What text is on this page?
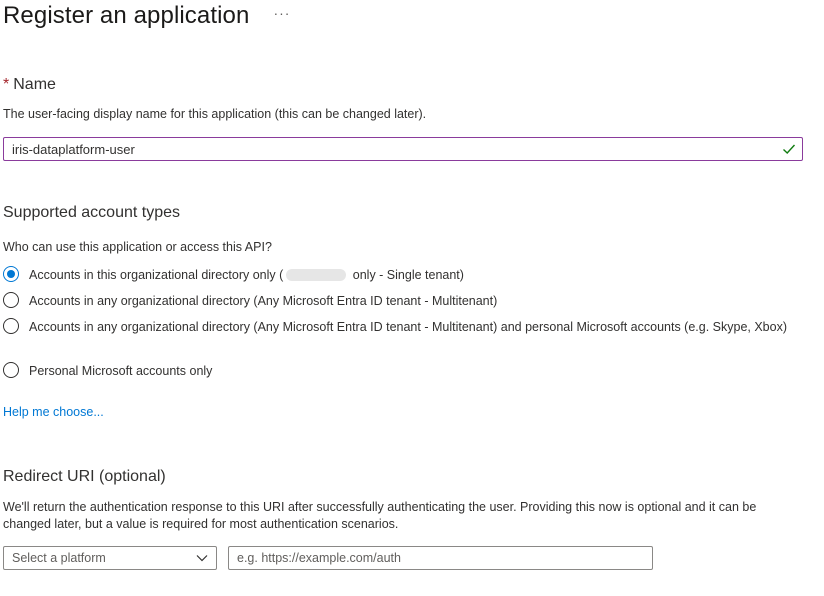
Register an application ···
* Name
The user-facing display name for this application (this can be changed later).
iris-dataplatform-user
Supported account types
Who can use this application or access this API?
Accounts in this organizational directory only (	only - Single tenant)
Accounts in any organizational directory (Any Microsoft Entra ID tenant - Multitenant)
Accounts in any organizational directory (Any Microsoft Entra ID tenant - Multitenant) and personal Microsoft accounts (e.g. Skype, Xbox)
Personal Microsoft accounts only
Help me choose...
Redirect URI (optional)
We'll return the authentication response to this URI after successfully authenticating the user. Providing this now is optional and it can be changed later, but a value is required for most authentication scenarios.
Select a platform
e.g. https://example.com/auth
